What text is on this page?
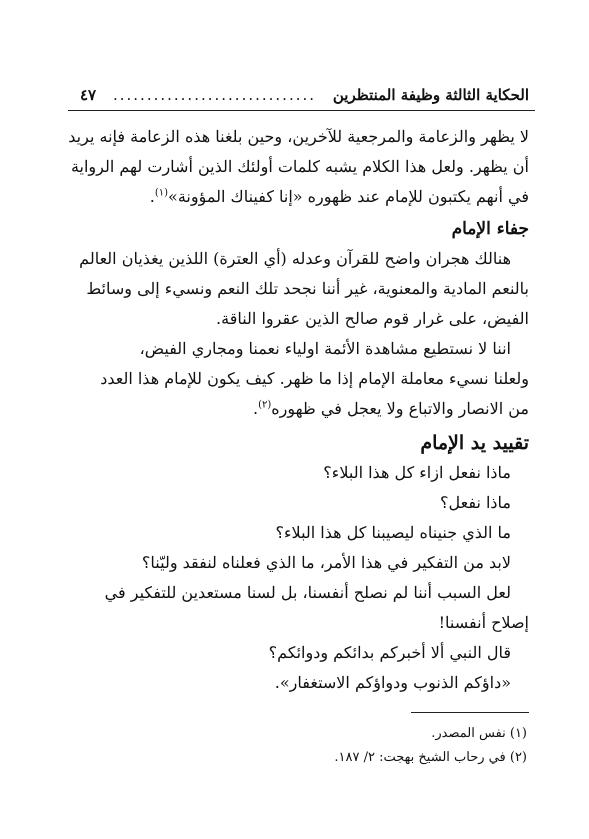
الحكاية الثالثة وظيفة المنتظرين
..............................
٤٧

لا يظهر والزعامة والمرجعية للآخرين، وحين بلغنا هذه الزعامة فإنه يريد

أن يظهر. ولعل هذا الكلام يشبه كلمات أولئك الذين أشارت لهم الرواية

في أنهم يكتبون للإمام عند ظهوره «إنا كفيناك المؤونة»$^{(١)}$.

جفاء الإمام

هنالك هجران واضح للقرآن وعدله (أي العترة) اللذين يغذيان العالم

بالنعم المادية والمعنوية، غير أننا نجحد تلك النعم ونسيء إلى وسائط

الفيض، على غرار قوم صالح الذين عقروا الناقة.

اننا لا نستطيع مشاهدة الأئمة اولياء نعمنا ومجاري الفيض،

ولعلنا نسيء معاملة الإمام إذا ما ظهر. كيف يكون للإمام هذا العدد

من الانصار والاتباع ولا يعجل في ظهوره$^{(٢)}$.

تقييد يد الإمام

ماذا نفعل ازاء كل هذا البلاء؟

ماذا نفعل؟

ما الذي جنيناه ليصيبنا كل هذا البلاء؟

لابد من التفكير في هذا الأمر، ما الذي فعلناه لنفقد وليّنا؟

لعل السبب أننا لم نصلح أنفسنا، بل لسنا مستعدين للتفكير في

إصلاح أنفسنا!

قال النبي ألا أخبركم بدائكم ودوائكم؟

«داؤكم الذنوب ودواؤكم الاستغفار».

(١) نفس المصدر.

(٢) في رحاب الشيخ بهجت: ٢/ ١٨٧.
